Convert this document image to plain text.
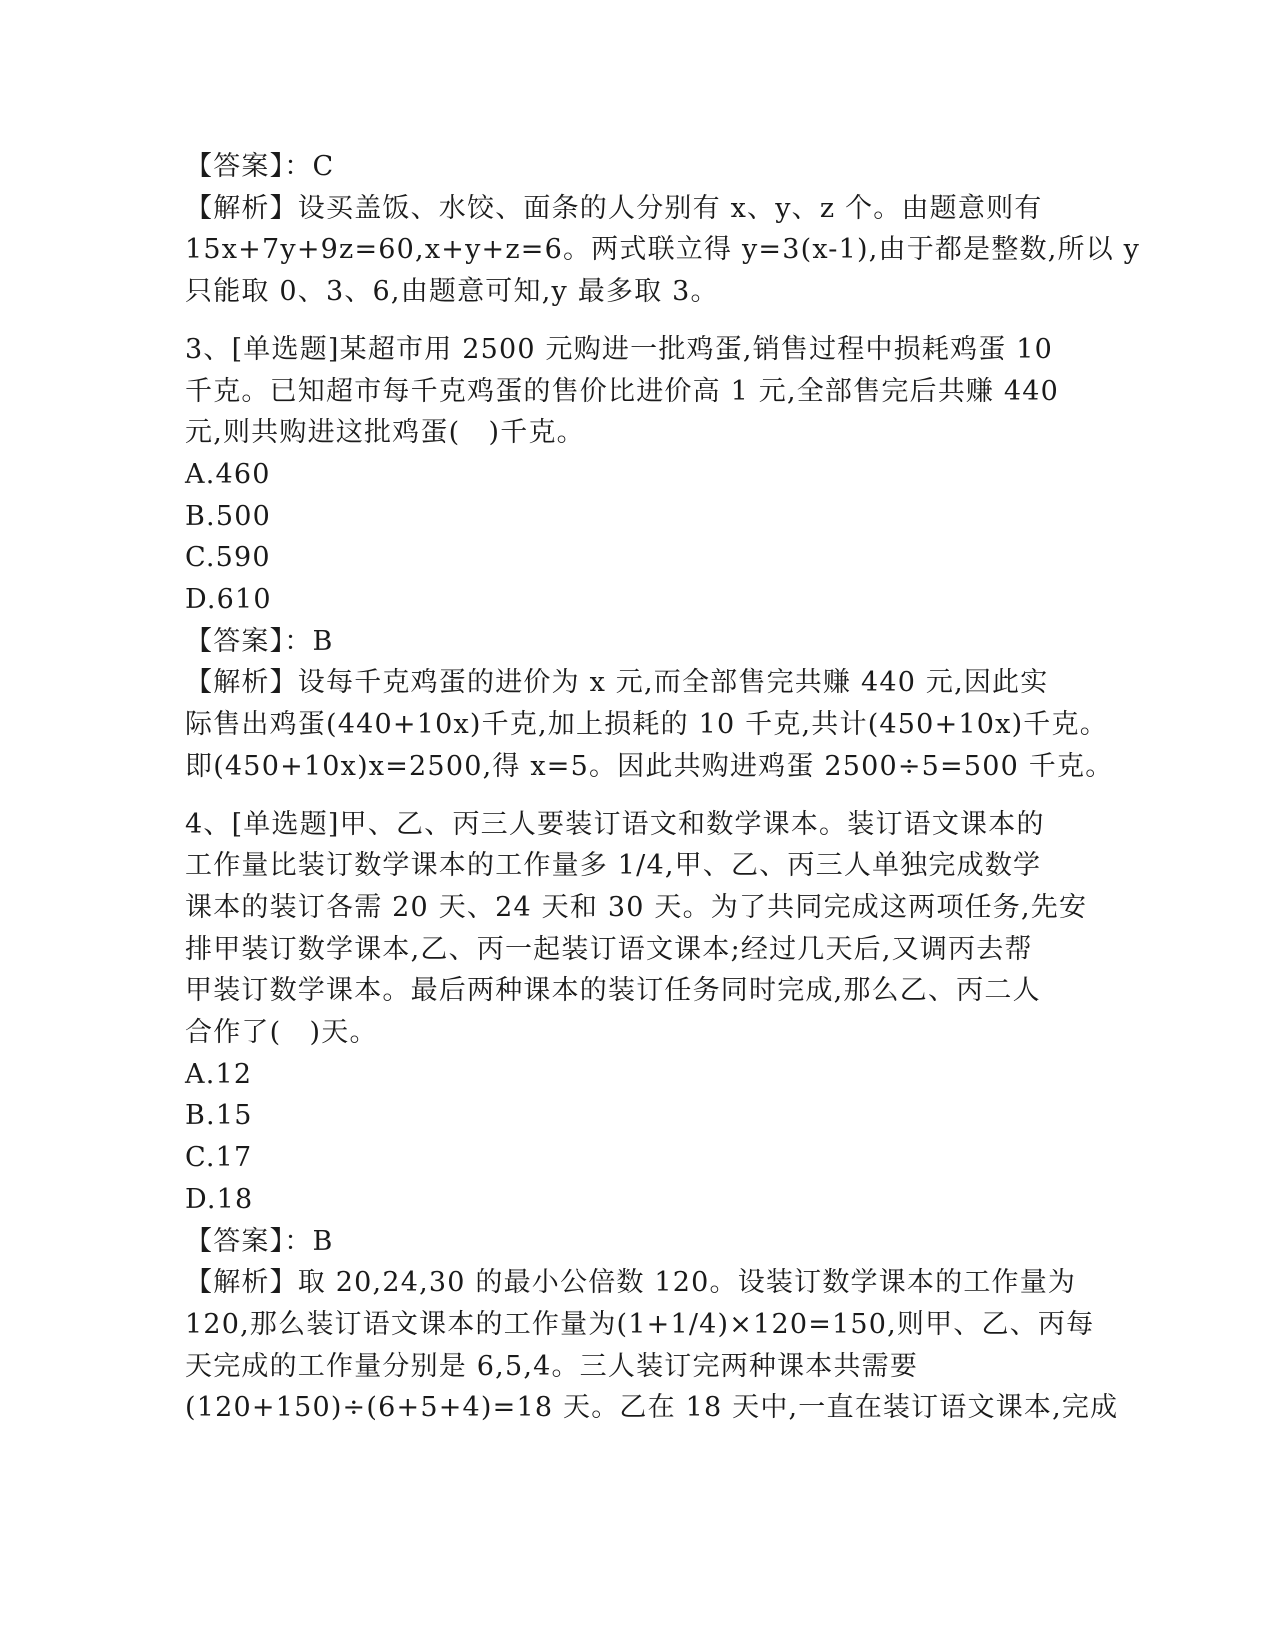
【答案】：C
【解析】设买盖饭、水饺、面条的人分别有 x、y、z 个。由题意则有
15x+7y+9z=60,x+y+z=6。两式联立得 y=3(x-1),由于都是整数,所以 y
只能取 0、3、6,由题意可知,y 最多取 3。
3、[单选题]某超市用 2500 元购进一批鸡蛋,销售过程中损耗鸡蛋 10
千克。已知超市每千克鸡蛋的售价比进价高 1 元,全部售完后共赚 440
元,则共购进这批鸡蛋(　)千克。
A.460
B.500
C.590
D.610
【答案】：B
【解析】设每千克鸡蛋的进价为 x 元,而全部售完共赚 440 元,因此实
际售出鸡蛋(440+10x)千克,加上损耗的 10 千克,共计(450+10x)千克。
即(450+10x)x=2500,得 x=5。因此共购进鸡蛋 2500÷5=500 千克。
4、[单选题]甲、乙、丙三人要装订语文和数学课本。装订语文课本的
工作量比装订数学课本的工作量多 1/4,甲、乙、丙三人单独完成数学
课本的装订各需 20 天、24 天和 30 天。为了共同完成这两项任务,先安
排甲装订数学课本,乙、丙一起装订语文课本;经过几天后,又调丙去帮
甲装订数学课本。最后两种课本的装订任务同时完成,那么乙、丙二人
合作了(　)天。
A.12
B.15
C.17
D.18
【答案】：B
【解析】取 20,24,30 的最小公倍数 120。设装订数学课本的工作量为
120,那么装订语文课本的工作量为(1+1/4)×120=150,则甲、乙、丙每
天完成的工作量分别是 6,5,4。三人装订完两种课本共需要
(120+150)÷(6+5+4)=18 天。乙在 18 天中,一直在装订语文课本,完成
